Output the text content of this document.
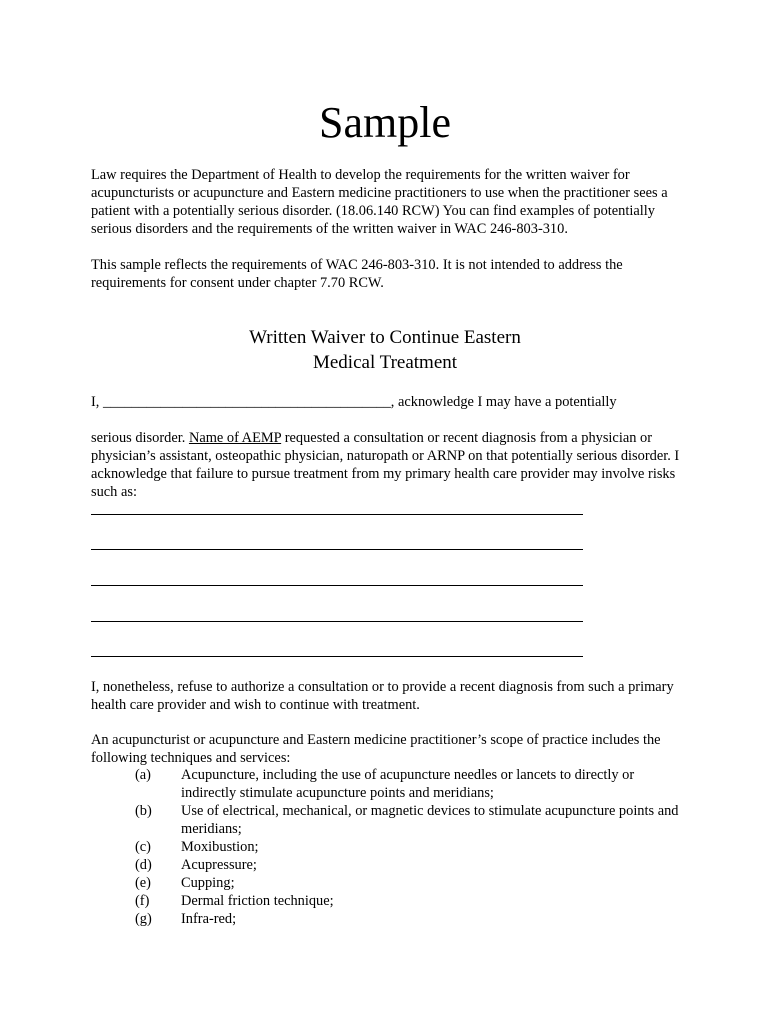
Sample

Law requires the Department of Health to develop the requirements for the written waiver for acupuncturists or acupuncture and Eastern medicine practitioners to use when the practitioner sees a patient with a potentially serious disorder. (18.06.140 RCW) You can find examples of potentially serious disorders and the requirements of the written waiver in WAC 246-803-310.

This sample reflects the requirements of WAC 246-803-310. It is not intended to address the requirements for consent under chapter 7.70 RCW.

Written Waiver to Continue Eastern
Medical Treatment

I, ________________________________________, acknowledge I may have a potentially

serious disorder. Name of AEMP requested a consultation or recent diagnosis from a physician or physician’s assistant, osteopathic physician, naturopath or ARNP on that potentially serious disorder. I acknowledge that failure to pursue treatment from my primary health care provider may involve risks such as:

I, nonetheless, refuse to authorize a consultation or to provide a recent diagnosis from such a primary health care provider and wish to continue with treatment.

An acupuncturist or acupuncture and Eastern medicine practitioner’s scope of practice includes the following techniques and services:

(a)	Acupuncture, including the use of acupuncture needles or lancets to directly or indirectly stimulate acupuncture points and meridians;
(b)	Use of electrical, mechanical, or magnetic devices to stimulate acupuncture points and meridians;
(c)	Moxibustion;
(d)	Acupressure;
(e)	Cupping;
(f)	Dermal friction technique;
(g)	Infra-red;
